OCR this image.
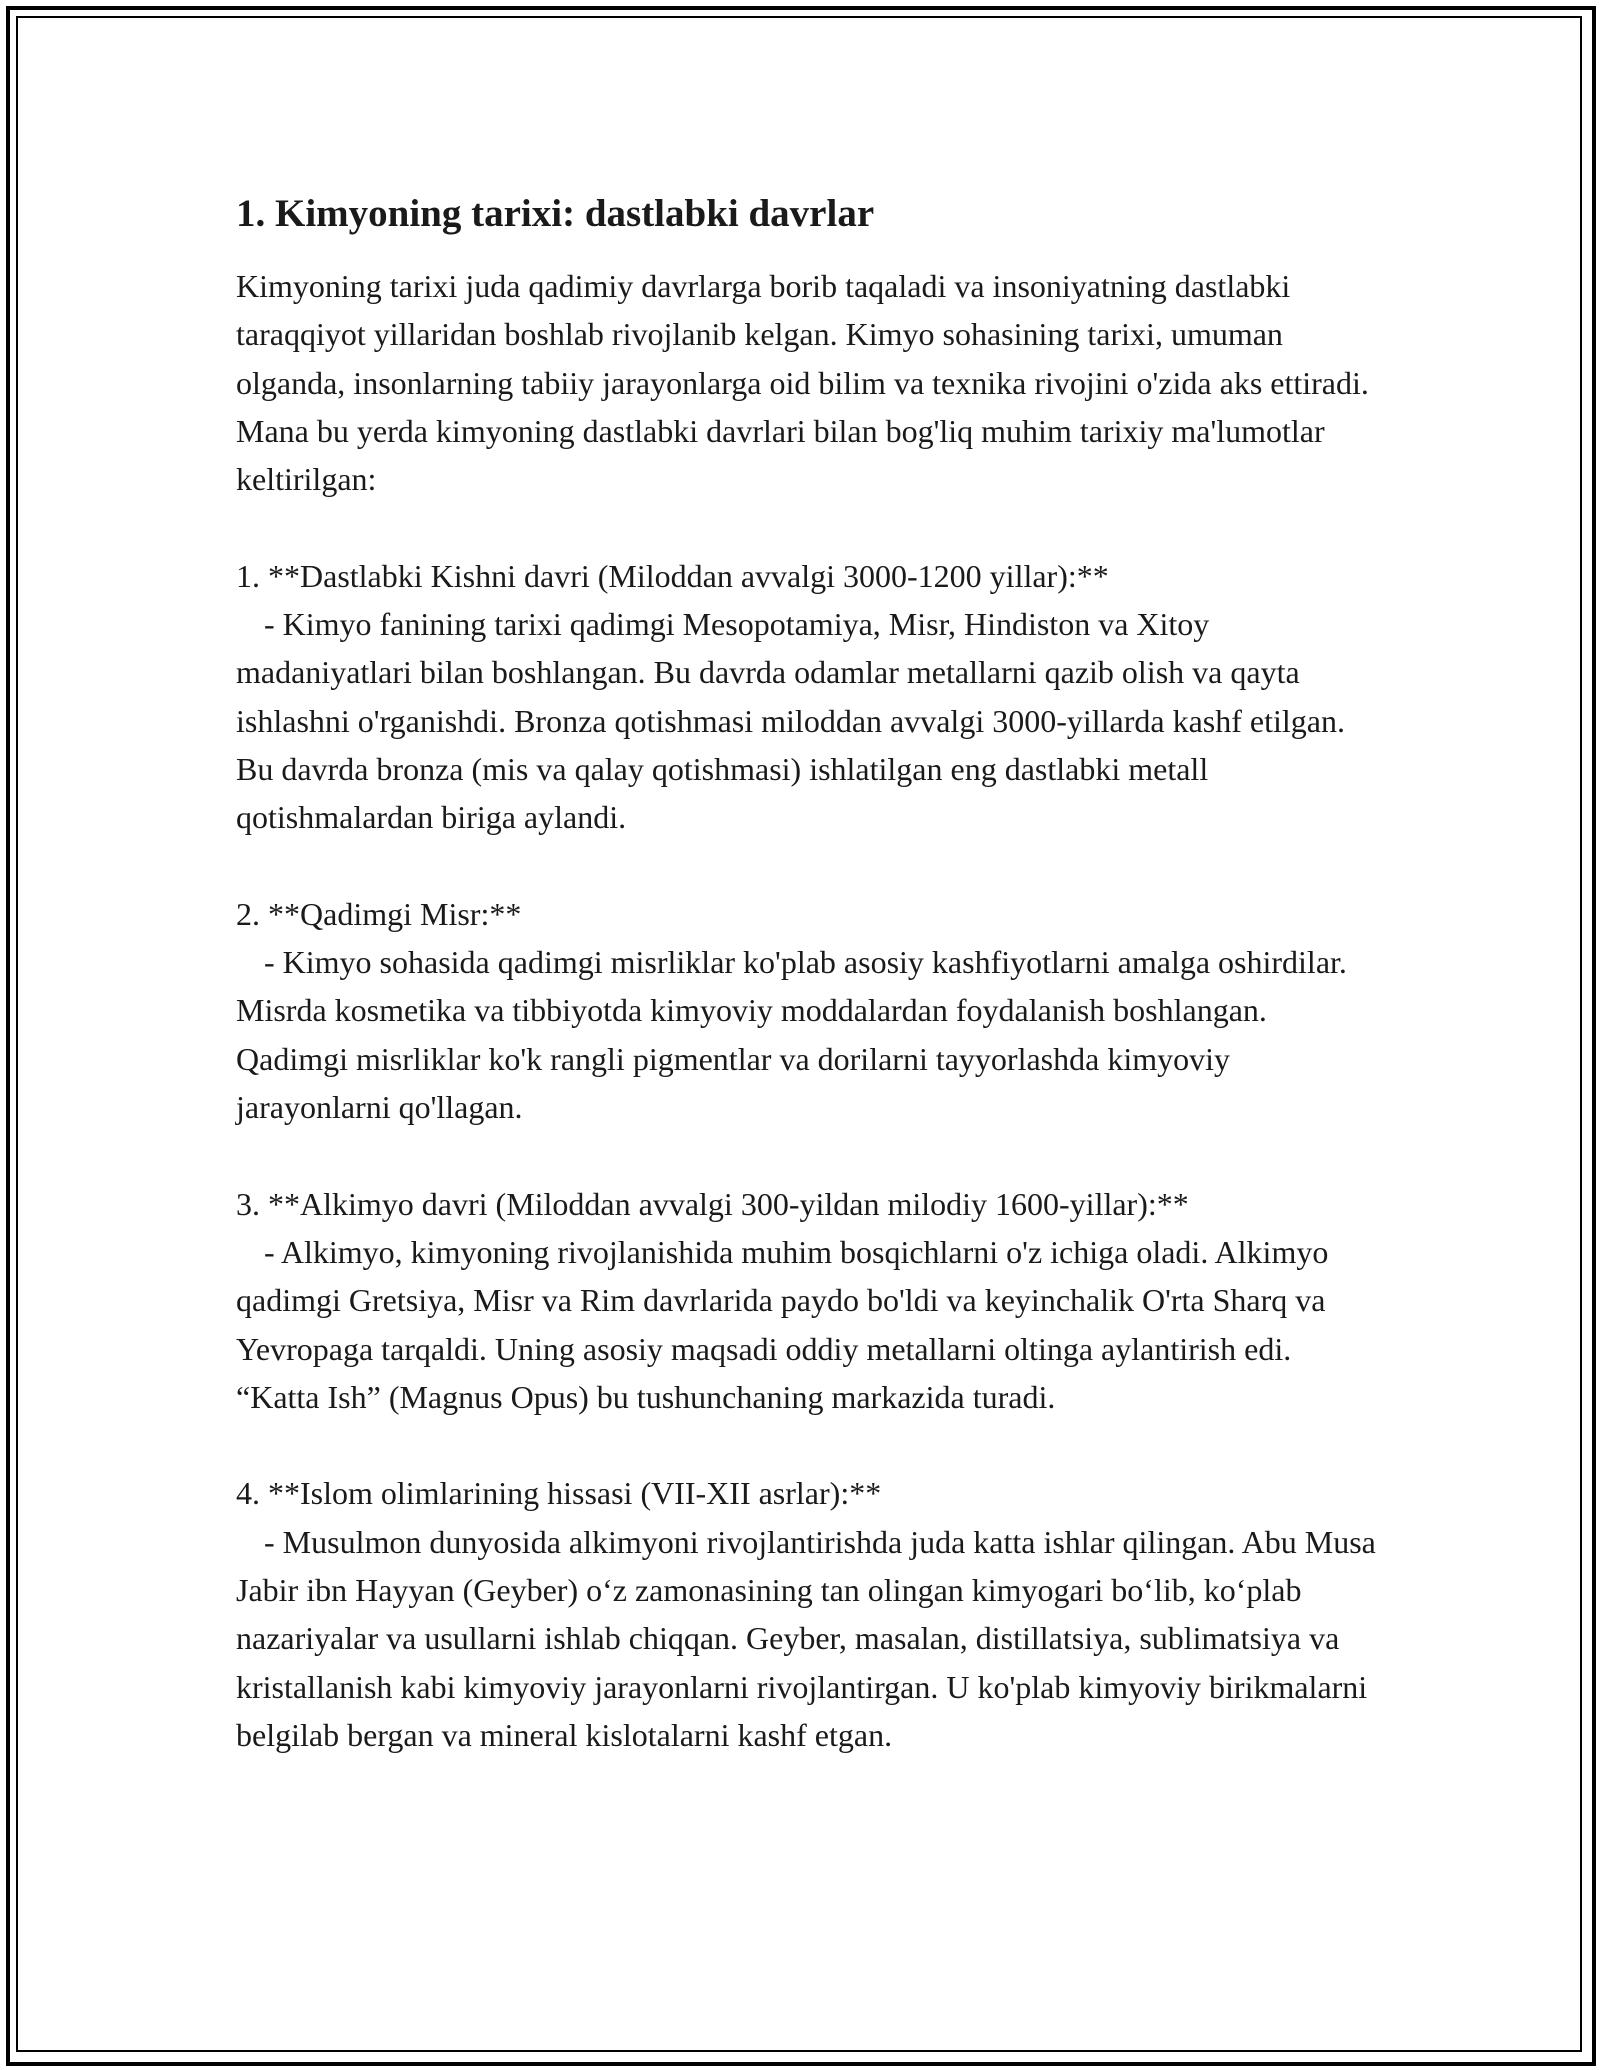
1. Kimyoning tarixi: dastlabki davrlar
Kimyoning tarixi juda qadimiy davrlarga borib taqaladi va insoniyatning dastlabki taraqqiyot yillaridan boshlab rivojlanib kelgan. Kimyo sohasining tarixi, umuman olganda, insonlarning tabiiy jarayonlarga oid bilim va texnika rivojini o'zida aks ettiradi. Mana bu yerda kimyoning dastlabki davrlari bilan bog'liq muhim tarixiy ma'lumotlar keltirilgan:
1. **Dastlabki Kishni davri (Miloddan avvalgi 3000-1200 yillar):**
- Kimyo fanining tarixi qadimgi Mesopotamiya, Misr, Hindiston va Xitoy madaniyatlari bilan boshlangan. Bu davrda odamlar metallarni qazib olish va qayta ishlashni o'rganishdi. Bronza qotishmasi miloddan avvalgi 3000-yillarda kashf etilgan. Bu davrda bronza (mis va qalay qotishmasi) ishlatilgan eng dastlabki metall qotishmalardan biriga aylandi.
2. **Qadimgi Misr:**
- Kimyo sohasida qadimgi misrliklar ko'plab asosiy kashfiyotlarni amalga oshirdilar. Misrda kosmetika va tibbiyotda kimyoviy moddalardan foydalanish boshlangan. Qadimgi misrliklar ko'k rangli pigmentlar va dorilarni tayyorlashda kimyoviy jarayonlarni qo'llagan.
3. **Alkimyo davri (Miloddan avvalgi 300-yildan milodiy 1600-yillar):**
- Alkimyo, kimyoning rivojlanishida muhim bosqichlarni o'z ichiga oladi. Alkimyo qadimgi Gretsiya, Misr va Rim davrlarida paydo bo'ldi va keyinchalik O'rta Sharq va Yevropaga tarqaldi. Uning asosiy maqsadi oddiy metallarni oltinga aylantirish edi. “Katta Ish” (Magnus Opus) bu tushunchaning markazida turadi.
4. **Islom olimlarining hissasi (VII-XII asrlar):**
- Musulmon dunyosida alkimyoni rivojlantirishda juda katta ishlar qilingan. Abu Musa Jabir ibn Hayyan (Geyber) o‘z zamonasining tan olingan kimyogari bo‘lib, ko‘plab nazariyalar va usullarni ishlab chiqqan. Geyber, masalan, distillatsiya, sublimatsiya va kristallanish kabi kimyoviy jarayonlarni rivojlantirgan. U ko'plab kimyoviy birikmalarni belgilab bergan va mineral kislotalarni kashf etgan.
